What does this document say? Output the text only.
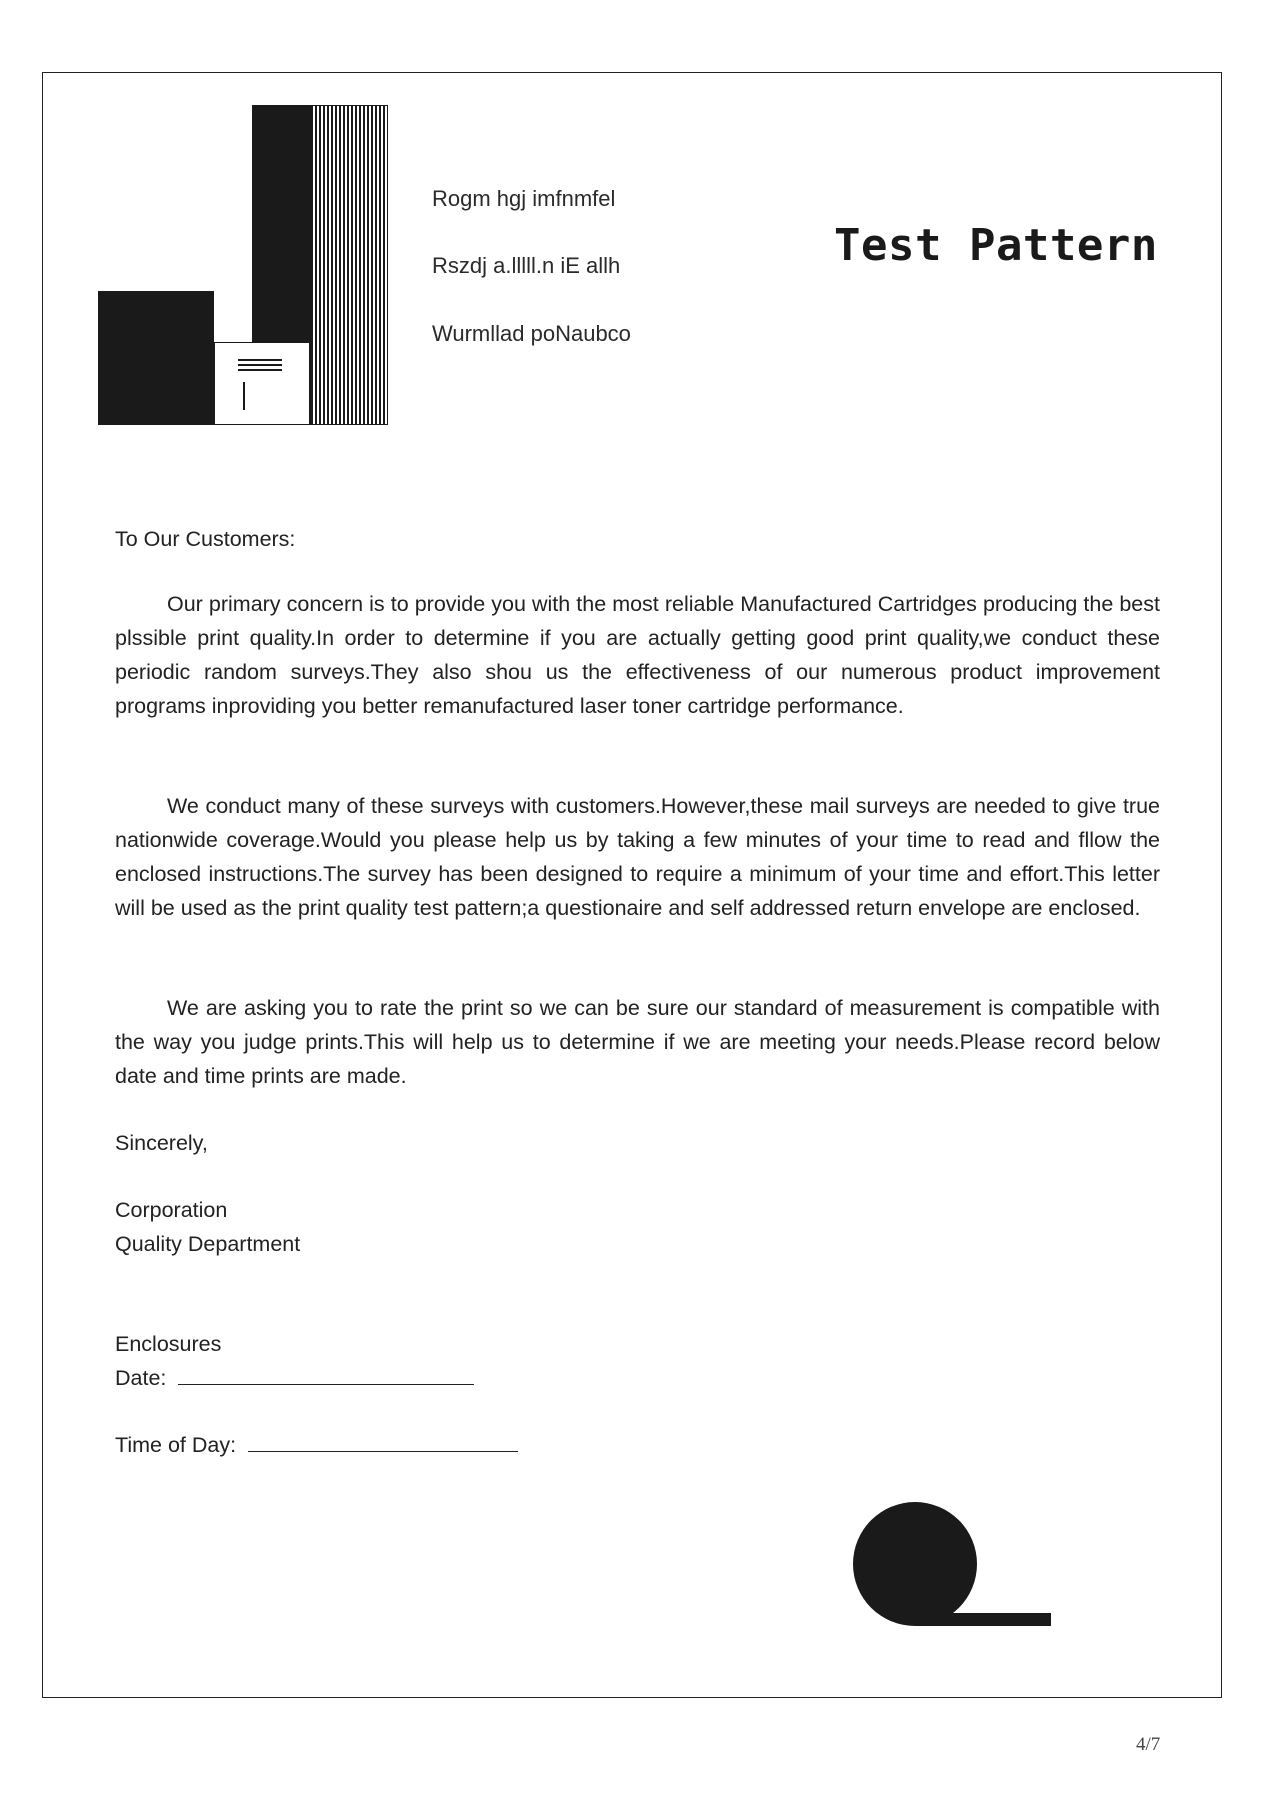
Rogm hgj imfnmfel
Rszdj a.lllll.n iE allh
Wurmllad poNaubco
Test Pattern
To Our Customers:

Our primary concern is to provide you with the most reliable Manufactured Cartridges producing the best plssible print quality.In order to determine if you are actually getting good print quality,we conduct these periodic random surveys.They also shou us the effectiveness of our numerous product improvement programs inproviding you better remanufactured laser toner cartridge performance.

We conduct many of these surveys with customers.However,these mail surveys are needed to give true nationwide coverage.Would you please help us by taking a few minutes of your time to read and fllow the enclosed instructions.The survey has been designed to require a minimum of your time and effort.This letter will be used as the print quality test pattern;a questionaire and self addressed return envelope are enclosed.

We are asking you to rate the print so we can be sure our standard of measurement is compatible with the way you judge prints.This will help us to determine if we are meeting your needs.Please record below date and time prints are made.

Sincerely,
Corporation
Quality Department
Enclosures
Date:
Time of Day:
4/7
